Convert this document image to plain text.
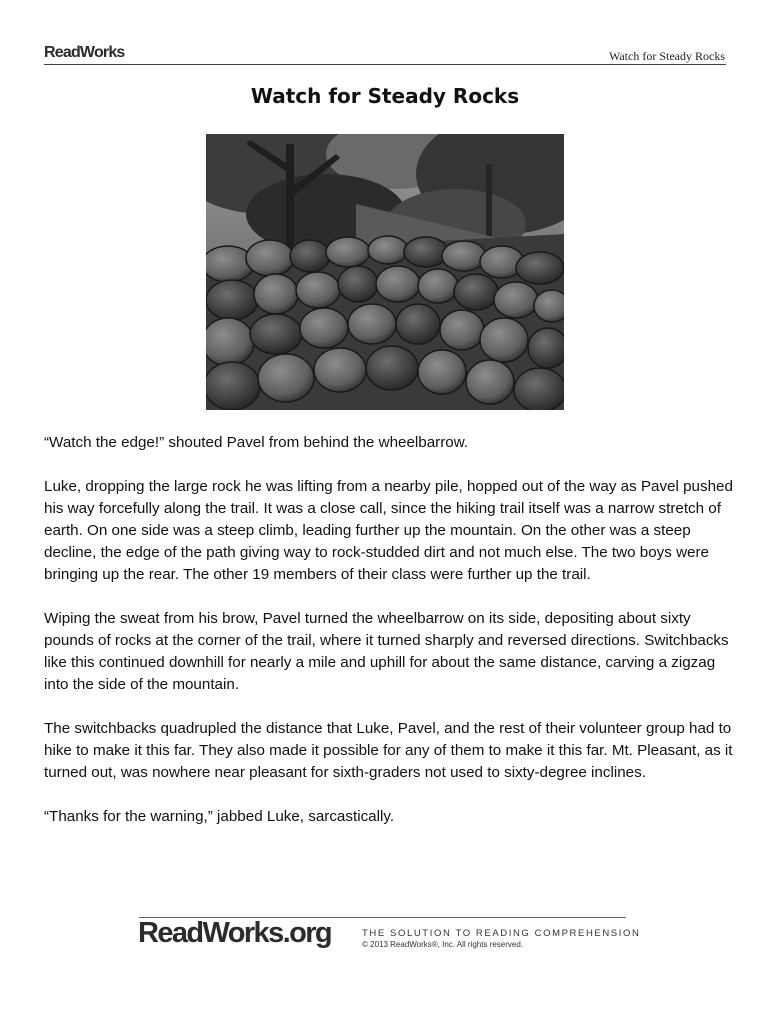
ReadWorks	Watch for Steady Rocks
Watch for Steady Rocks

“Watch the edge!” shouted Pavel from behind the wheelbarrow.

Luke, dropping the large rock he was lifting from a nearby pile, hopped out of the way as Pavel pushed his way forcefully along the trail. It was a close call, since the hiking trail itself was a narrow stretch of earth. On one side was a steep climb, leading further up the mountain. On the other was a steep decline, the edge of the path giving way to rock-studded dirt and not much else. The two boys were bringing up the rear. The other 19 members of their class were further up the trail.

Wiping the sweat from his brow, Pavel turned the wheelbarrow on its side, depositing about sixty pounds of rocks at the corner of the trail, where it turned sharply and reversed directions. Switchbacks like this continued downhill for nearly a mile and uphill for about the same distance, carving a zigzag into the side of the mountain.

The switchbacks quadrupled the distance that Luke, Pavel, and the rest of their volunteer group had to hike to make it this far. They also made it possible for any of them to make it this far. Mt. Pleasant, as it turned out, was nowhere near pleasant for sixth-graders not used to sixty-degree inclines.

“Thanks for the warning,” jabbed Luke, sarcastically.

ReadWorks.org	THE SOLUTION TO READING COMPREHENSION
© 2013 ReadWorks®, Inc. All rights reserved.
